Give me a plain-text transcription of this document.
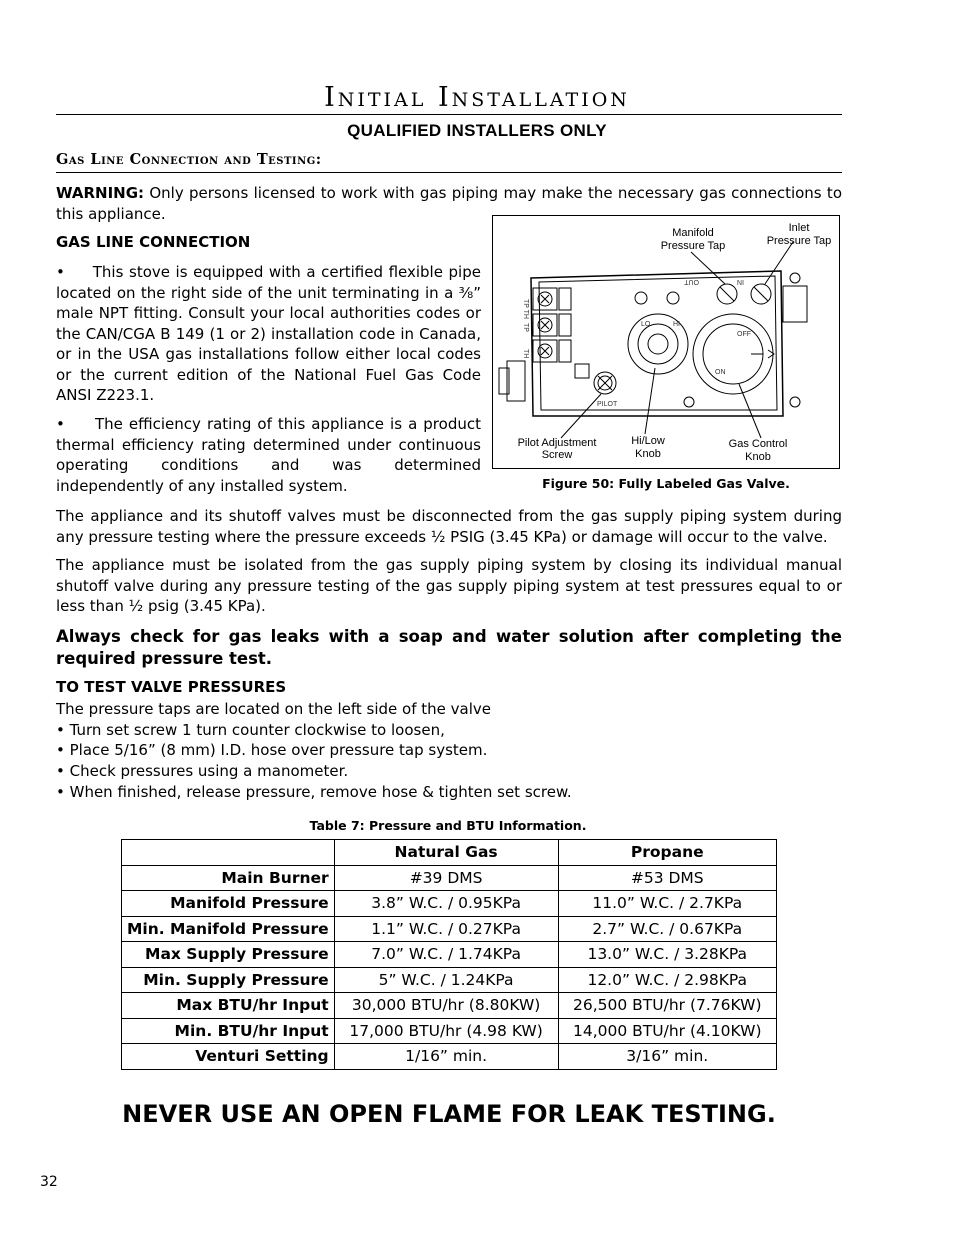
Initial Installation
QUALIFIED INSTALLERS ONLY
Gas Line Connection and Testing:
WARNING: Only persons licensed to work with gas piping may make the necessary gas connections to this appliance.
GAS LINE CONNECTION
•     This stove is equipped with a certified flexible pipe located on the right side of the unit terminating in a ⅜” male NPT fitting. Consult your local authorities codes or the CAN/CGA B 149 (1 or 2) installation code in Canada, or in the USA gas installations follow either local codes or the current edition of the National Fuel Gas Code ANSI Z223.1.
•     The efficiency rating of this appliance is a product thermal efficiency rating determined under continuous operating conditions and was determined independently of any installed system.
Manifold
Pressure Tap
Inlet
Pressure Tap
Pilot Adjustment
Screw
Hi/Low
Knob
Gas Control
Knob
OUT	IN
TP TH
TP
TH
PILOT
HI
LO
OFF
ON
Figure 50: Fully Labeled Gas Valve.
The appliance and its shutoff valves must be disconnected from the gas supply piping system during any pressure testing where the pressure exceeds ½ PSIG (3.45 KPa) or damage will occur to the valve.
The appliance must be isolated from the gas supply piping system by closing its individual manual shutoff valve during any pressure testing of the gas supply piping system at test pressures equal to or less than ½ psig (3.45 KPa).
Always check for gas leaks with a soap and water solution after completing the required pressure test.
TO TEST VALVE PRESSURES
The pressure taps are located on the left side of the valve
• Turn set screw 1 turn counter clockwise to loosen,
• Place 5/16” (8 mm) I.D. hose over pressure tap system.
• Check pressures using a manometer.
• When finished, release pressure, remove hose & tighten set screw.
Table 7: Pressure and BTU Information.
	Natural Gas	Propane
Main Burner	#39 DMS	#53 DMS
Manifold Pressure	3.8” W.C. / 0.95KPa	11.0” W.C. / 2.7KPa
Min. Manifold Pressure	1.1” W.C. / 0.27KPa	2.7” W.C. / 0.67KPa
Max Supply Pressure	7.0” W.C. / 1.74KPa	13.0” W.C. / 3.28KPa
Min. Supply Pressure	5” W.C. / 1.24KPa	12.0” W.C. / 2.98KPa
Max BTU/hr Input	30,000 BTU/hr (8.80KW)	26,500 BTU/hr (7.76KW)
Min. BTU/hr Input	17,000 BTU/hr (4.98 KW)	14,000 BTU/hr (4.10KW)
Venturi Setting	1/16” min.	3/16” min.
NEVER USE AN OPEN FLAME FOR LEAK TESTING.
32
